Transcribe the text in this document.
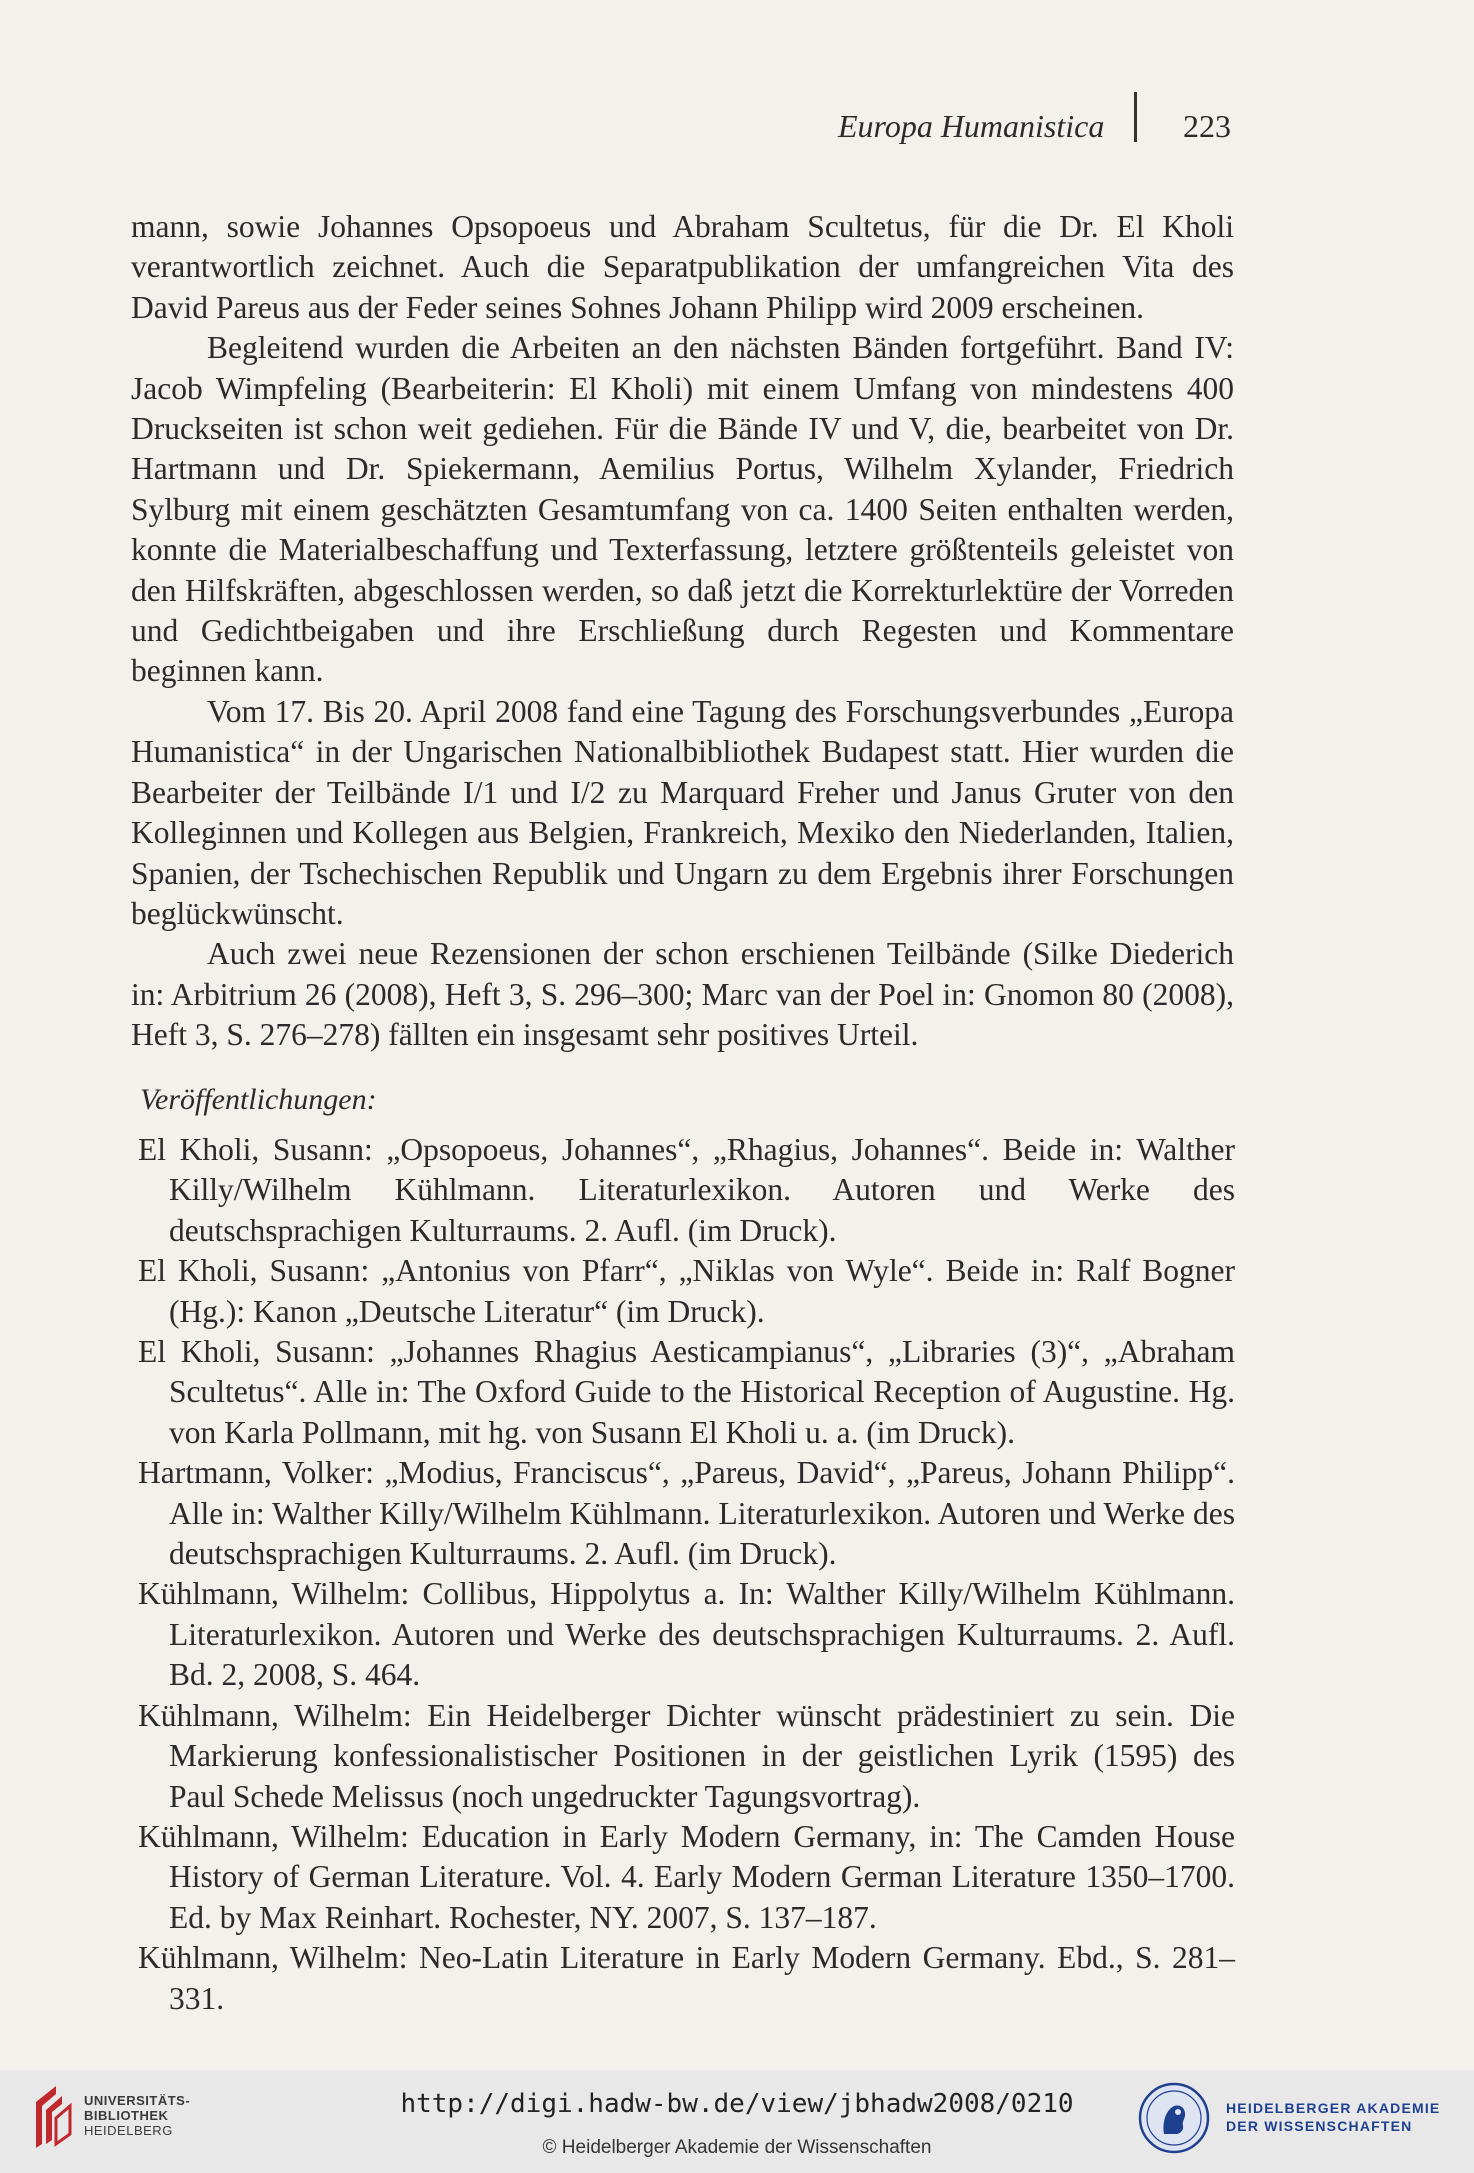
Europa Humanistica 223

mann, sowie Johannes Opsopoeus und Abraham Scultetus, für die Dr. El Kholi verantwortlich zeichnet. Auch die Separatpublikation der umfangreichen Vita des David Pareus aus der Feder seines Sohnes Johann Philipp wird 2009 erscheinen.

Begleitend wurden die Arbeiten an den nächsten Bänden fortgeführt. Band IV: Jacob Wimpfeling (Bearbeiterin: El Kholi) mit einem Umfang von mindestens 400 Druckseiten ist schon weit gediehen. Für die Bände IV und V, die, bearbeitet von Dr. Hartmann und Dr. Spiekermann, Aemilius Portus, Wilhelm Xylander, Friedrich Sylburg mit einem geschätzten Gesamtumfang von ca. 1400 Seiten enthalten werden, konnte die Materialbeschaffung und Texterfassung, letztere größtenteils geleistet von den Hilfskräften, abgeschlossen werden, so daß jetzt die Korrekturlektüre der Vorreden und Gedichtbeigaben und ihre Erschließung durch Regesten und Kommentare beginnen kann.

Vom 17. Bis 20. April 2008 fand eine Tagung des Forschungsverbundes „Europa Humanistica“ in der Ungarischen Nationalbibliothek Budapest statt. Hier wurden die Bearbeiter der Teilbände I/1 und I/2 zu Marquard Freher und Janus Gruter von den Kolleginnen und Kollegen aus Belgien, Frankreich, Mexiko den Niederlanden, Italien, Spanien, der Tschechischen Republik und Ungarn zu dem Ergebnis ihrer Forschungen beglückwünscht.

Auch zwei neue Rezensionen der schon erschienen Teilbände (Silke Diederich in: Arbitrium 26 (2008), Heft 3, S. 296–300; Marc van der Poel in: Gnomon 80 (2008), Heft 3, S. 276–278) fällten ein insgesamt sehr positives Urteil.

Veröffentlichungen:

El Kholi, Susann: „Opsopoeus, Johannes“, „Rhagius, Johannes“. Beide in: Walther Killy/Wilhelm Kühlmann. Literaturlexikon. Autoren und Werke des deutschsprachigen Kulturraums. 2. Aufl. (im Druck).

El Kholi, Susann: „Antonius von Pfarr“, „Niklas von Wyle“. Beide in: Ralf Bogner (Hg.): Kanon „Deutsche Literatur“ (im Druck).

El Kholi, Susann: „Johannes Rhagius Aesticampianus“, „Libraries (3)“, „Abraham Scultetus“. Alle in: The Oxford Guide to the Historical Reception of Augustine. Hg. von Karla Pollmann, mit hg. von Susann El Kholi u. a. (im Druck).

Hartmann, Volker: „Modius, Franciscus“, „Pareus, David“, „Pareus, Johann Philipp“. Alle in: Walther Killy/Wilhelm Kühlmann. Literaturlexikon. Autoren und Werke des deutschsprachigen Kulturraums. 2. Aufl. (im Druck).

Kühlmann, Wilhelm: Collibus, Hippolytus a. In: Walther Killy/Wilhelm Kühlmann. Literaturlexikon. Autoren und Werke des deutschsprachigen Kulturraums. 2. Aufl. Bd. 2, 2008, S. 464.

Kühlmann, Wilhelm: Ein Heidelberger Dichter wünscht prädestiniert zu sein. Die Markierung konfessionalistischer Positionen in der geistlichen Lyrik (1595) des Paul Schede Melissus (noch ungedruckter Tagungsvortrag).

Kühlmann, Wilhelm: Education in Early Modern Germany, in: The Camden House History of German Literature. Vol. 4. Early Modern German Literature 1350–1700. Ed. by Max Reinhart. Rochester, NY. 2007, S. 137–187.

Kühlmann, Wilhelm: Neo-Latin Literature in Early Modern Germany. Ebd., S. 281–331.

UNIVERSITÄTS-
BIBLIOTHEK
HEIDELBERG
http://digi.hadw-bw.de/view/jbhadw2008/0210
© Heidelberger Akademie der Wissenschaften
HEIDELBERGER AKADEMIE
DER WISSENSCHAFTEN
